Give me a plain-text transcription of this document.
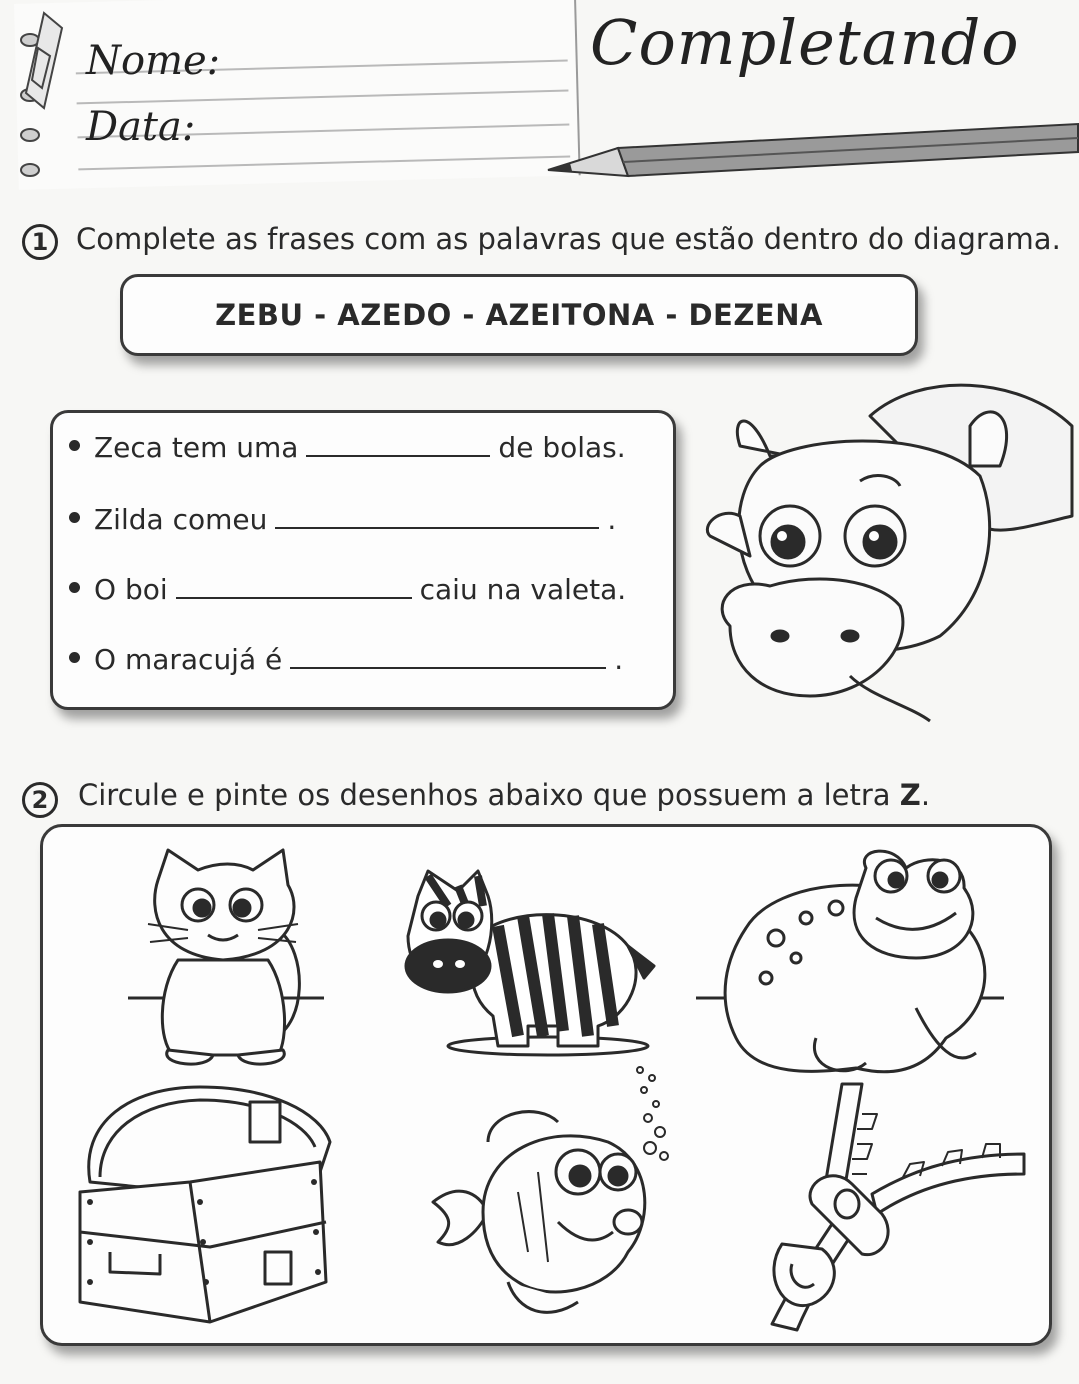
Nome:
Data:
Completando
1 Complete as frases com as palavras que estão dentro do diagrama.
ZEBU - AZEDO - AZEITONA - DEZENA
Zeca tem uma	de bolas.
Zilda comeu	.
O boi	caiu na valeta.
O maracujá é	.
2	Circule e pinte os desenhos abaixo que possuem a letra Z.
